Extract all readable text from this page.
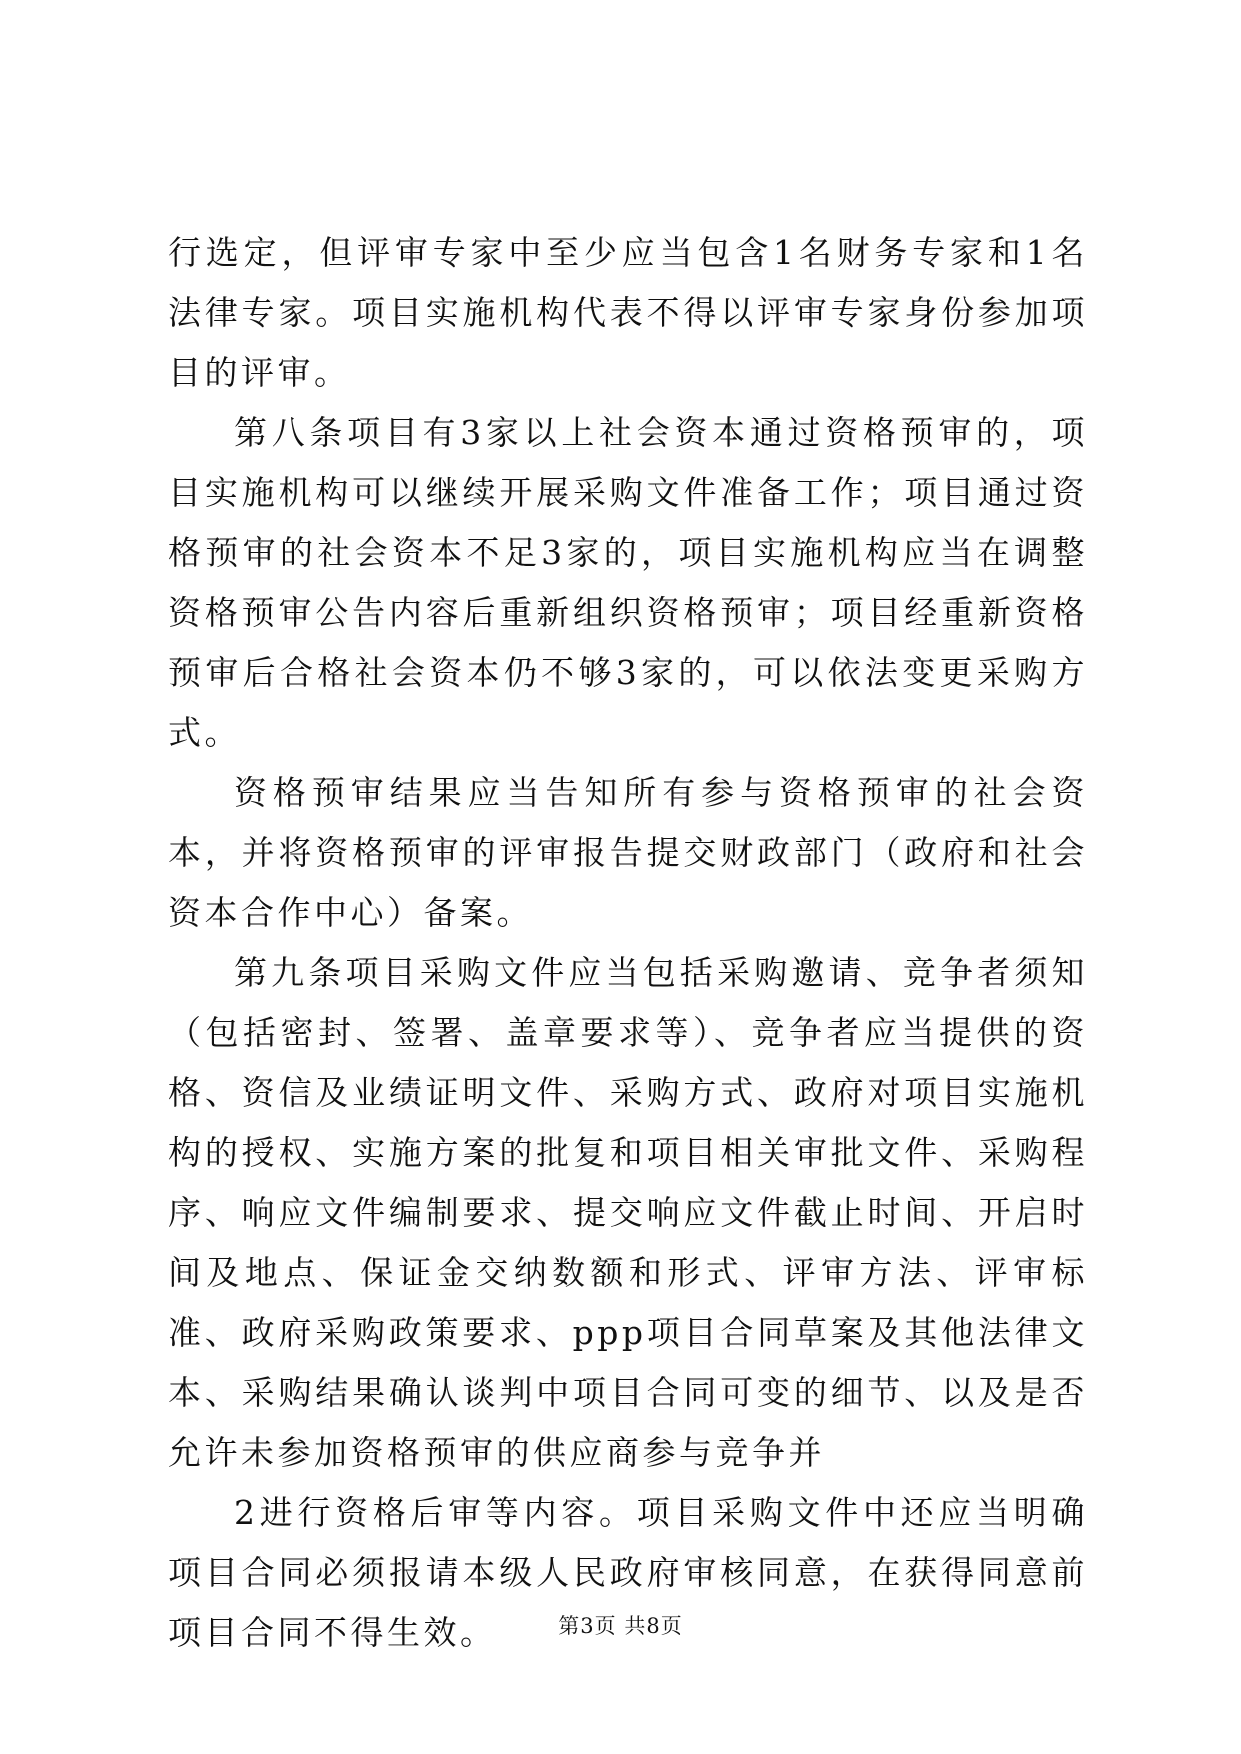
行选定，但评审专家中至少应当包含1名财务专家和1名法律专家。项目实施机构代表不得以评审专家身份参加项目的评审。

第八条项目有3家以上社会资本通过资格预审的，项目实施机构可以继续开展采购文件准备工作；项目通过资格预审的社会资本不足3家的，项目实施机构应当在调整资格预审公告内容后重新组织资格预审；项目经重新资格预审后合格社会资本仍不够3家的，可以依法变更采购方式。

资格预审结果应当告知所有参与资格预审的社会资本，并将资格预审的评审报告提交财政部门（政府和社会资本合作中心）备案。

第九条项目采购文件应当包括采购邀请、竞争者须知（包括密封、签署、盖章要求等）、竞争者应当提供的资格、资信及业绩证明文件、采购方式、政府对项目实施机构的授权、实施方案的批复和项目相关审批文件、采购程序、响应文件编制要求、提交响应文件截止时间、开启时间及地点、保证金交纳数额和形式、评审方法、评审标准、政府采购政策要求、ppp项目合同草案及其他法律文本、采购结果确认谈判中项目合同可变的细节、以及是否允许未参加资格预审的供应商参与竞争并

2进行资格后审等内容。项目采购文件中还应当明确项目合同必须报请本级人民政府审核同意，在获得同意前项目合同不得生效。	第3页 共8页
